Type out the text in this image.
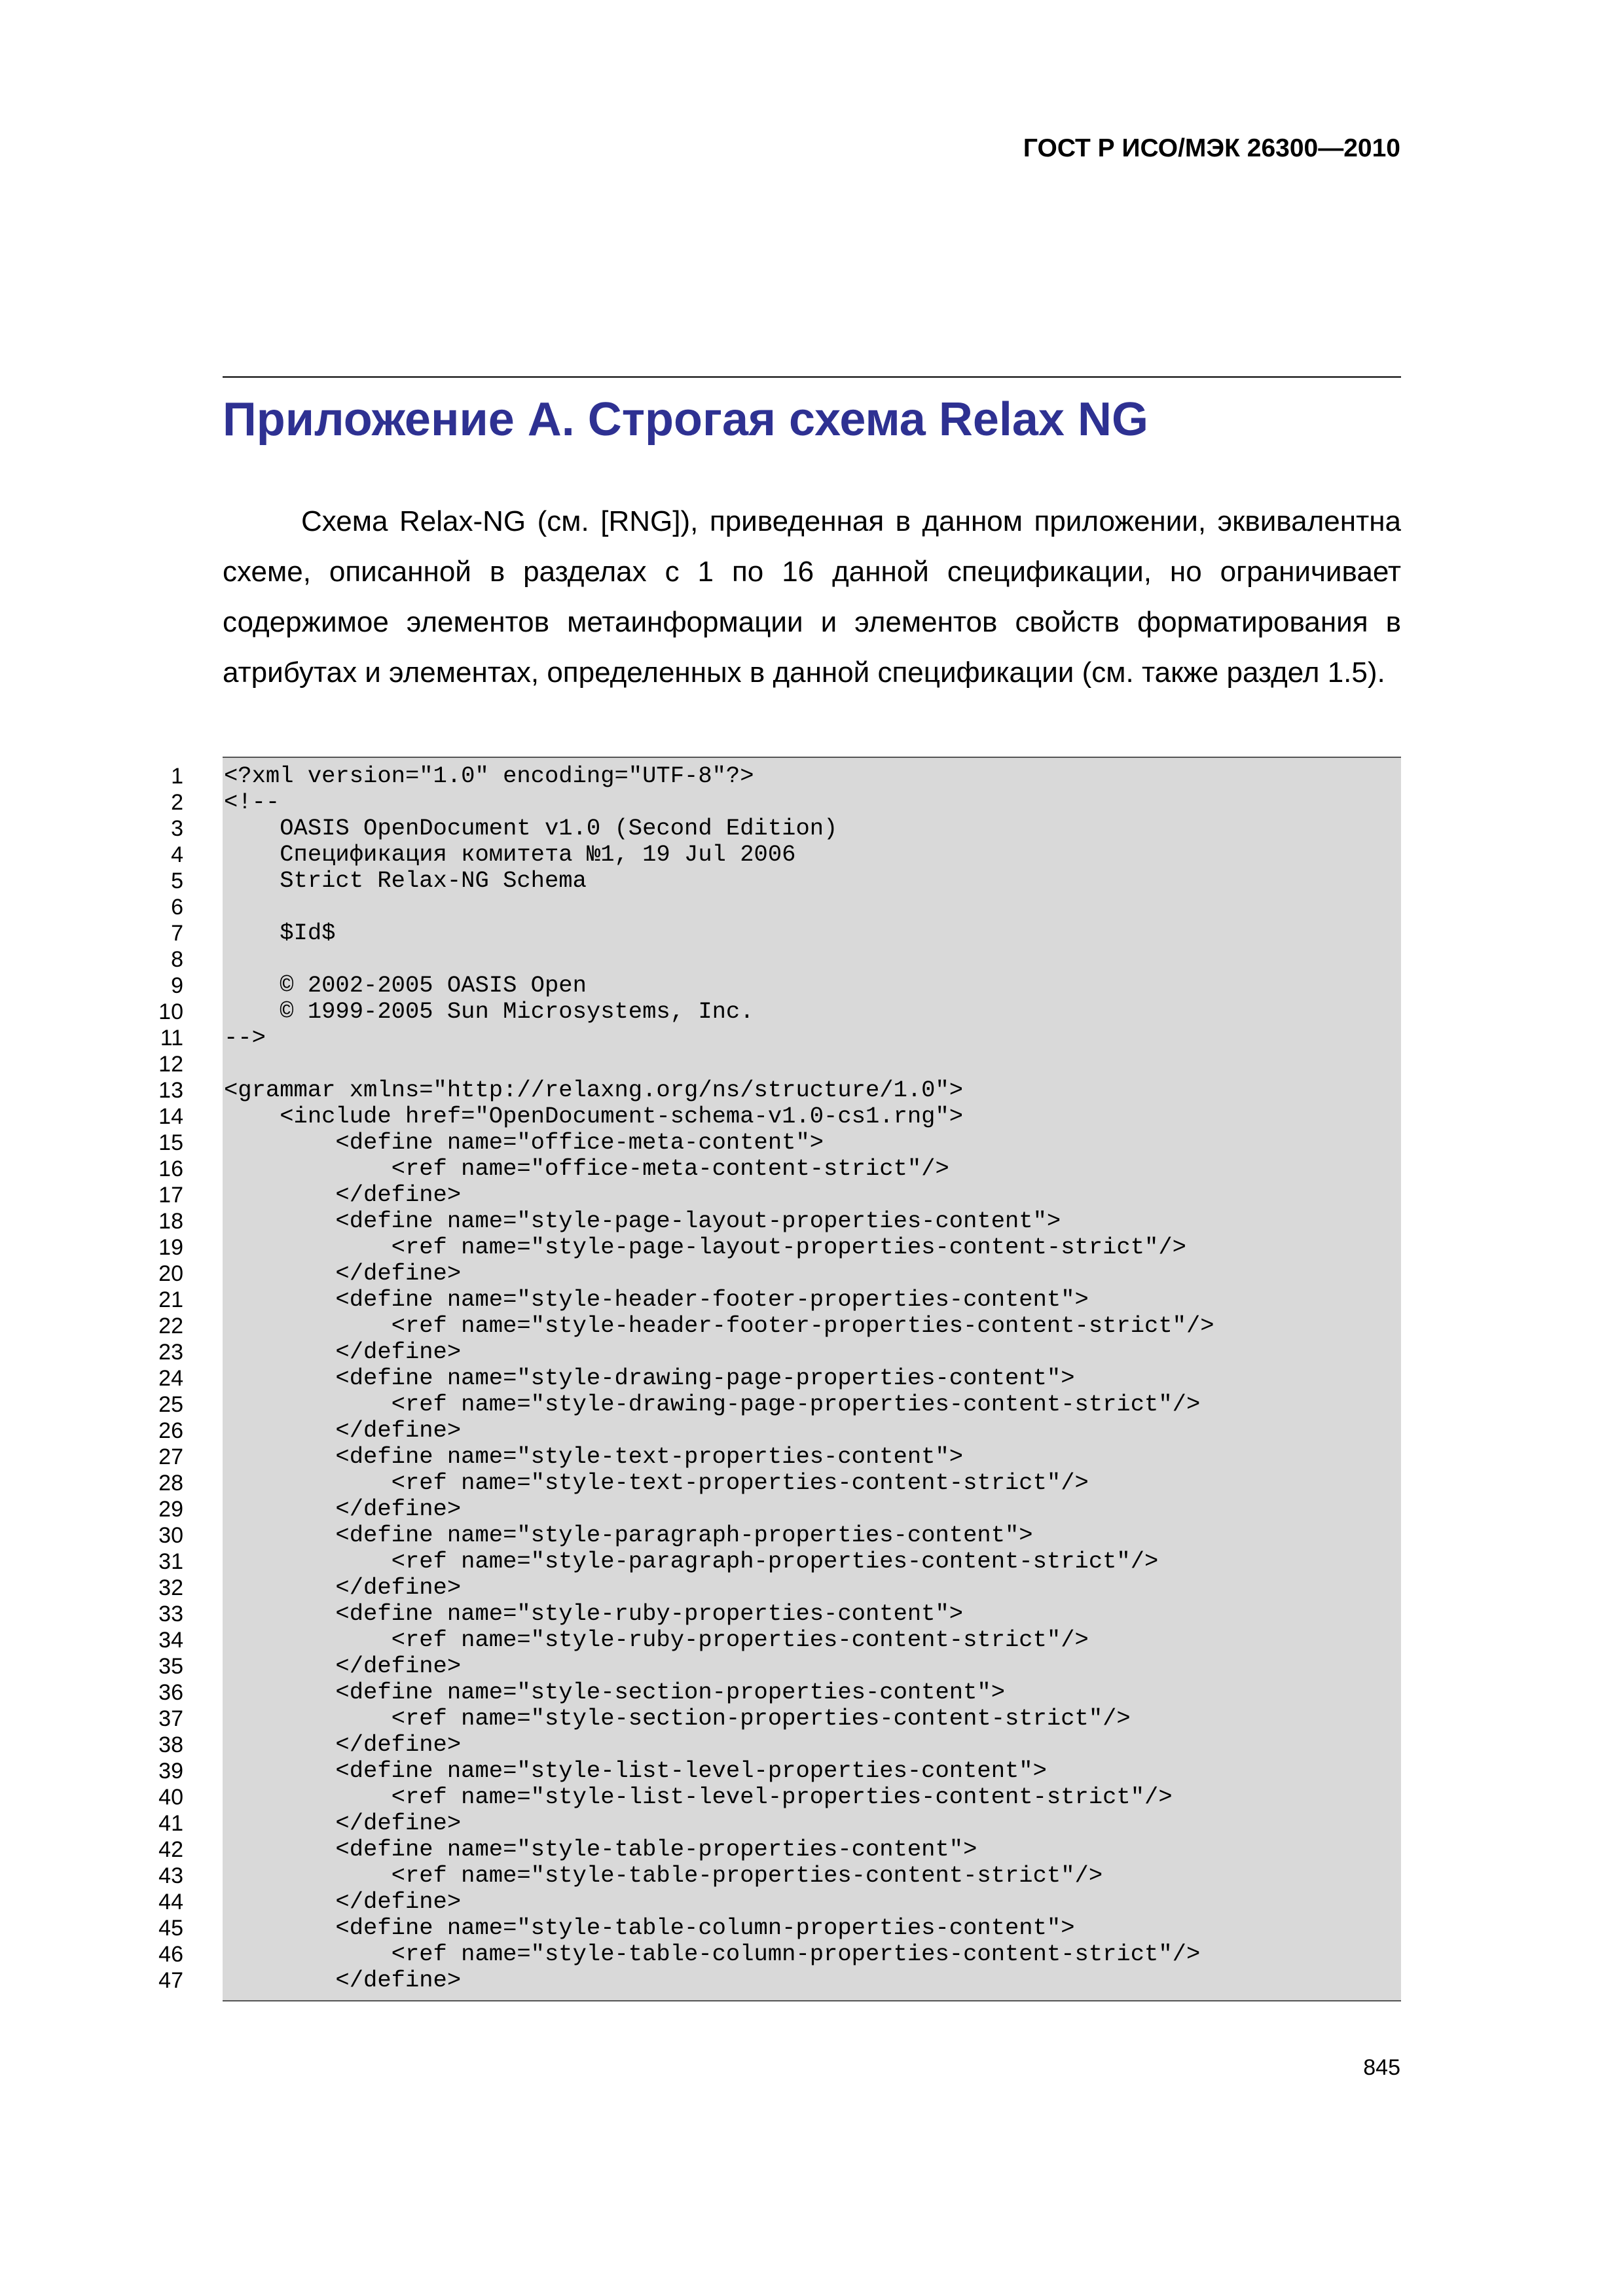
ГОСТ Р ИСО/МЭК 26300—2010

Приложение А. Строгая схема Relax NG

Схема Relax-NG (см. [RNG]), приведенная в данном приложении, эквивалентна схеме, описанной в разделах с 1 по 16 данной спецификации, но ограничивает содержимое элементов метаинформации и элементов свойств форматирования в атрибутах и элементах, определенных в данной спецификации (см. также раздел 1.5).

1
2
3
4
5
6
7
8
9
10
11
12
13
14
15
16
17
18
19
20
21
22
23
24
25
26
27
28
29
30
31
32
33
34
35
36
37
38
39
40
41
42
43
44
45
46
47
<?xml version="1.0" encoding="UTF-8"?>
<!--
OASIS OpenDocument v1.0 (Second Edition)
Спецификация комитета №1, 19 Jul 2006
Strict Relax-NG Schema
$Id$
© 2002-2005 OASIS Open
© 1999-2005 Sun Microsystems, Inc.
-->
<grammar xmlns="http://relaxng.org/ns/structure/1.0">
<include href="OpenDocument-schema-v1.0-cs1.rng">
<define name="office-meta-content">
<ref name="office-meta-content-strict"/>
</define>
<define name="style-page-layout-properties-content">
<ref name="style-page-layout-properties-content-strict"/>
</define>
<define name="style-header-footer-properties-content">
<ref name="style-header-footer-properties-content-strict"/>
</define>
<define name="style-drawing-page-properties-content">
<ref name="style-drawing-page-properties-content-strict"/>
</define>
<define name="style-text-properties-content">
<ref name="style-text-properties-content-strict"/>
</define>
<define name="style-paragraph-properties-content">
<ref name="style-paragraph-properties-content-strict"/>
</define>
<define name="style-ruby-properties-content">
<ref name="style-ruby-properties-content-strict"/>
</define>
<define name="style-section-properties-content">
<ref name="style-section-properties-content-strict"/>
</define>
<define name="style-list-level-properties-content">
<ref name="style-list-level-properties-content-strict"/>
</define>
<define name="style-table-properties-content">
<ref name="style-table-properties-content-strict"/>
</define>
<define name="style-table-column-properties-content">
<ref name="style-table-column-properties-content-strict"/>
</define>

845
